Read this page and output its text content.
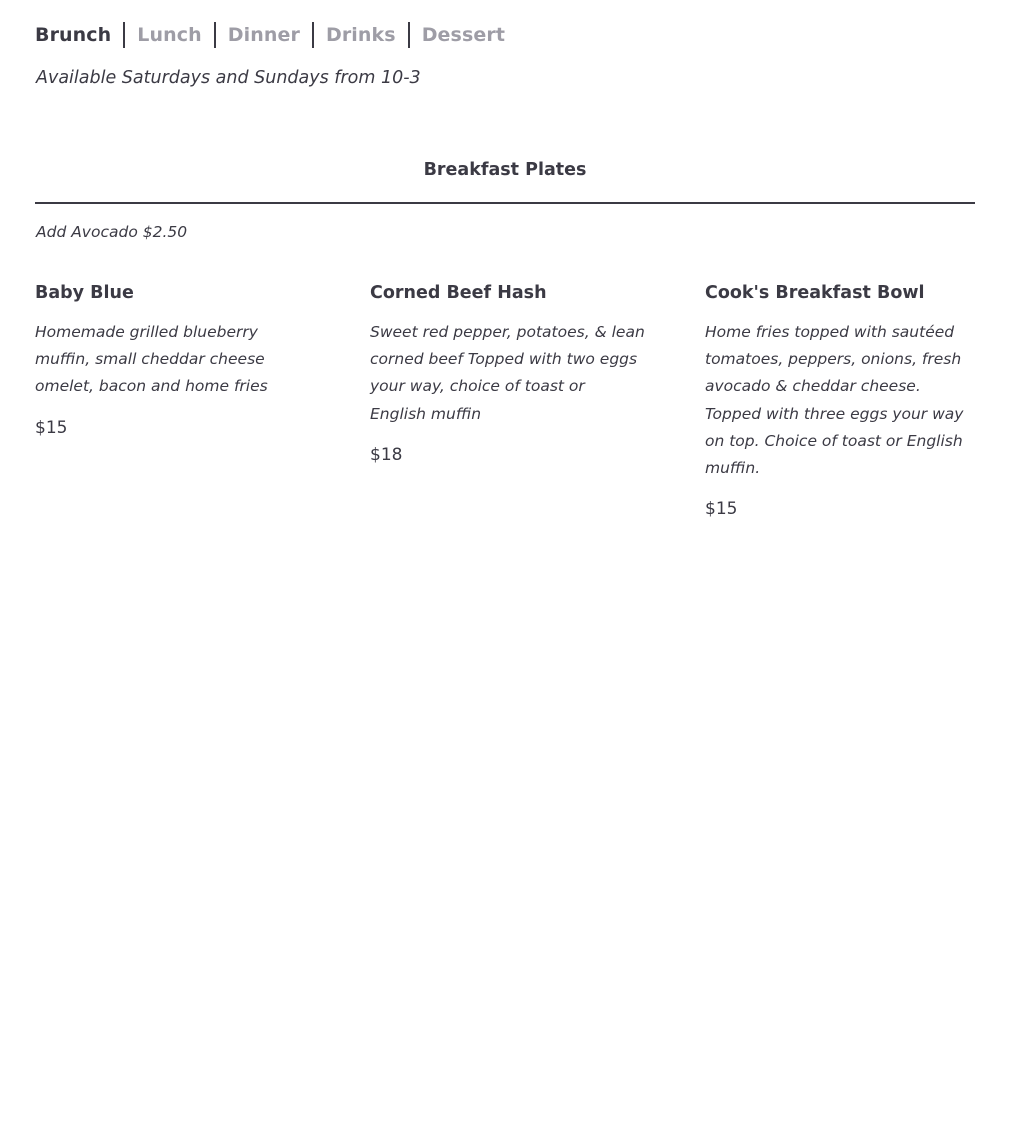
Brunch Lunch Dinner Drinks Dessert
Available Saturdays and Sundays from 10-3
Breakfast Plates
Add Avocado $2.50
Baby Blue
Homemade grilled blueberry muffin, small cheddar cheese omelet, bacon and home fries
$15
Corned Beef Hash
Sweet red pepper, potatoes, & lean corned beef Topped with two eggs your way, choice of toast or English muffin
$18
Cook's Breakfast Bowl
Home fries topped with sautéed tomatoes, peppers, onions, fresh avocado & cheddar cheese. Topped with three eggs your way on top. Choice of toast or English muffin.
$15
